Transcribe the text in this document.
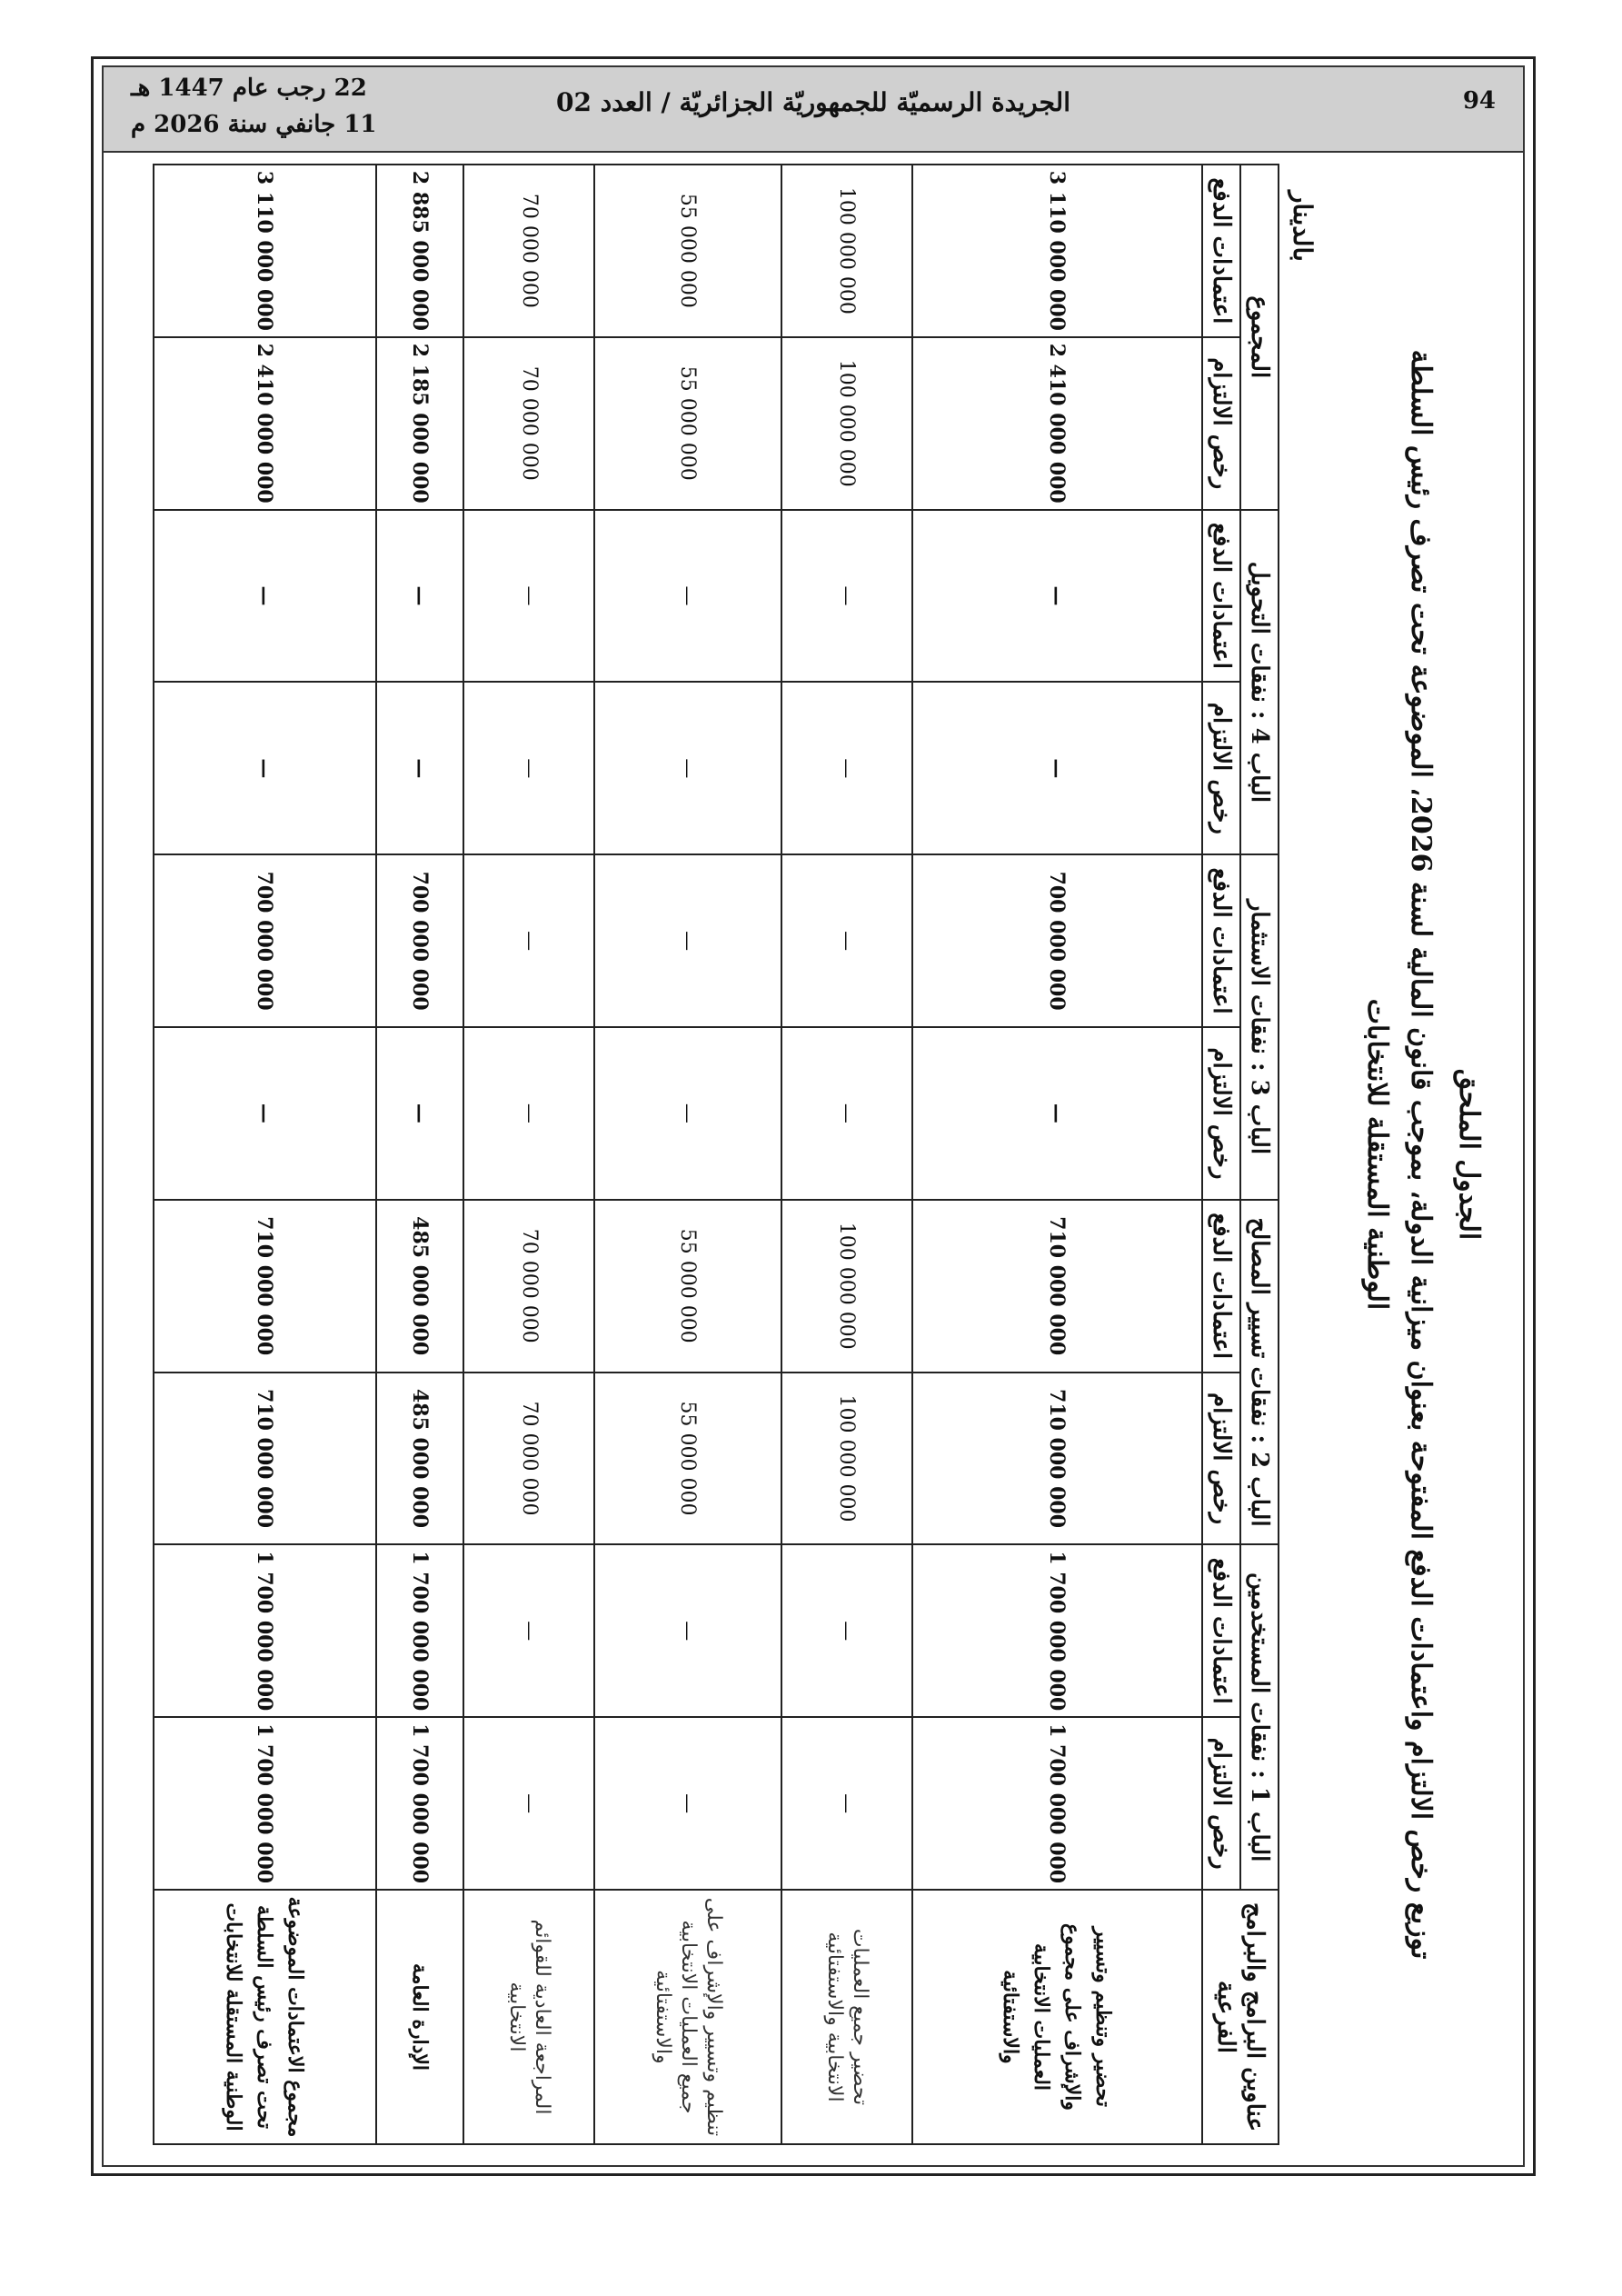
94
الجريدة الرسميّة للجمهوريّة الجزائريّة / العدد 02
22 رجب عام 1447 هـ
11 جانفي سنة 2026 م
الجدول الملحق
توزيع رخص الالتزام واعتمادات الدفع المفتوحة بعنوان ميزانية الدولة، بموجب قانون المالية لسنة 2026، الموضوعة تحت تصرف رئيس السلطة الوطنية المستقلة للانتخابات
بالدينار
عناوين البرامج والبرامج الفرعية	الباب 1 : نفقات المستخدمين		الباب 2 : نفقات تسيير المصالح		الباب 3 : نفقات الاستثمار		الباب 4 : نفقات التحويل		المجموع	
	رخص الالتزام	اعتمادات الدفع	رخص الالتزام	اعتمادات الدفع	رخص الالتزام	اعتمادات الدفع	رخص الالتزام	اعتمادات الدفع	رخص الالتزام	اعتمادات الدفع
تحضير وتنظيم وتسيير والإشراف على مجموع العمليات الانتخابية والاستفتائية	1 700 000 000	1 700 000 000	710 000 000	710 000 000	—	700 000 000	—	—	2 410 000 000	3 110 000 000
تحضير جميع العمليات الانتخابية والاستفتائية	—	—	100 000 000	100 000 000	—	—	—	—	100 000 000	100 000 000
تنظيم وتسيير والإشراف على جميع العمليات الانتخابية والاستفتائية	—	—	55 000 000	55 000 000	—	—	—	—	55 000 000	55 000 000
المراجعة العادية للقوائم الانتخابية	—	—	70 000 000	70 000 000	—	—	—	—	70 000 000	70 000 000
الإدارة العامة	1 700 000 000	1 700 000 000	485 000 000	485 000 000	—	700 000 000	—	—	2 185 000 000	2 885 000 000
مجموع الاعتمادات الموضوعة تحت تصرف رئيس السلطة الوطنية المستقلة للانتخابات	1 700 000 000	1 700 000 000	710 000 000	710 000 000	—	700 000 000	—	—	2 410 000 000	3 110 000 000
